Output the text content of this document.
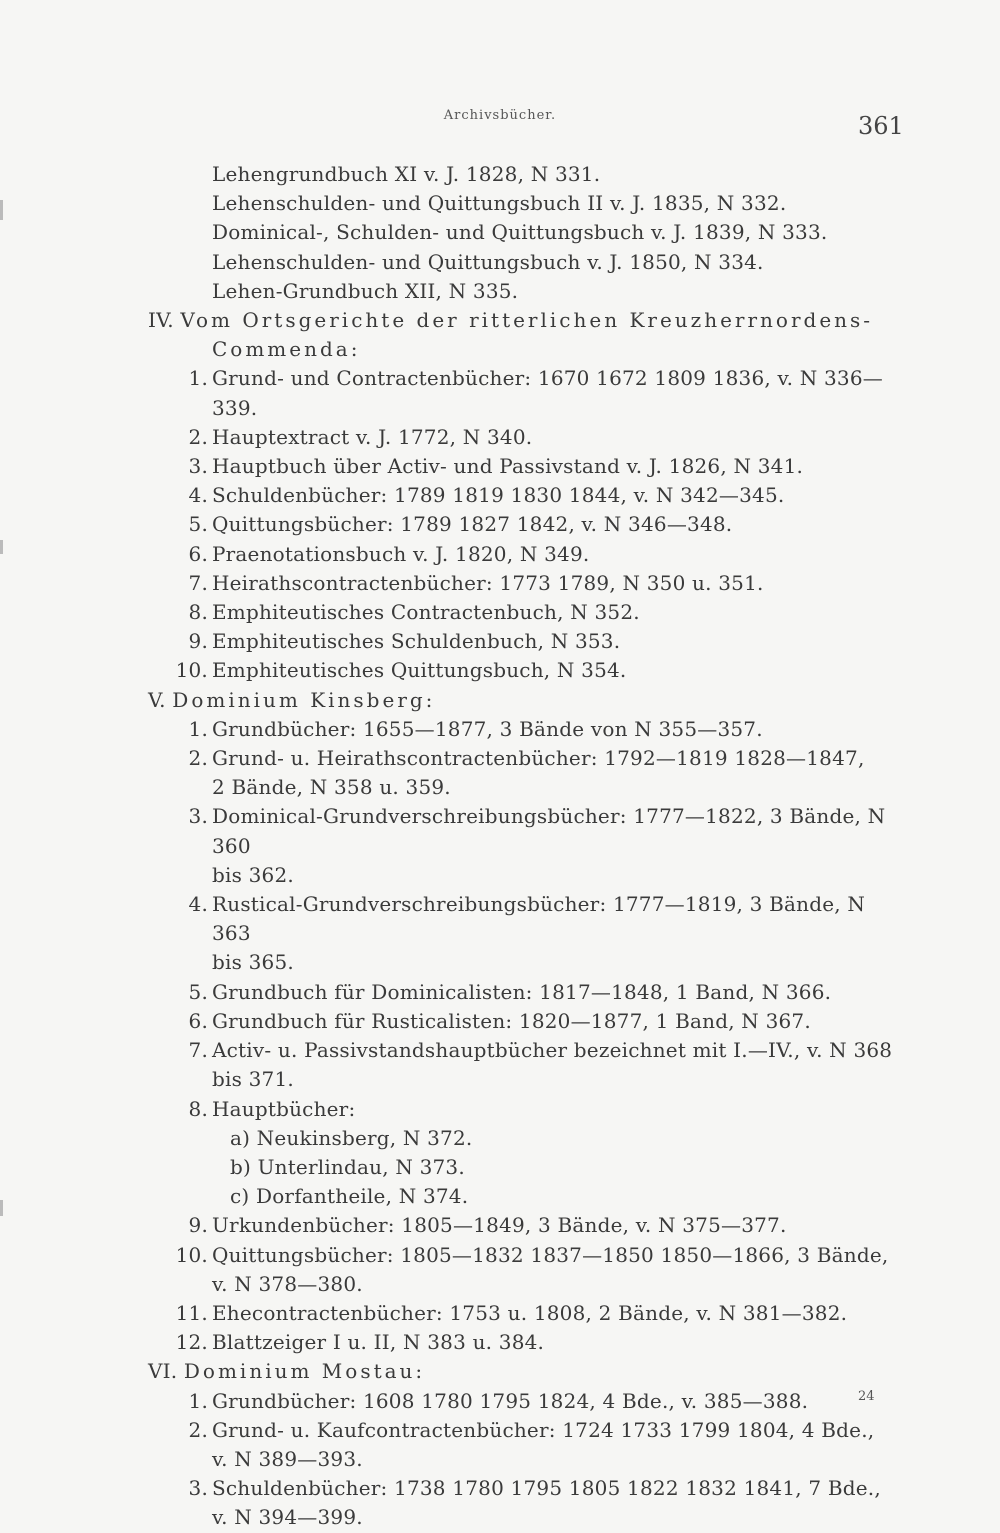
Archivsbücher.	361
Lehengrundbuch XI v. J. 1828, N 331.
Lehenschulden- und Quittungsbuch II v. J. 1835, N 332.
Dominical-, Schulden- und Quittungsbuch v. J. 1839, N 333.
Lehenschulden- und Quittungsbuch v. J. 1850, N 334.
Lehen-Grundbuch XII, N 335.
IV. Vom Ortsgerichte der ritterlichen Kreuzherrnordens-
Commenda:
1. Grund- und Contractenbücher: 1670 1672 1809 1836, v. N 336—339.
2. Hauptextract v. J. 1772, N 340.
3. Hauptbuch über Activ- und Passivstand v. J. 1826, N 341.
4. Schuldenbücher: 1789 1819 1830 1844, v. N 342—345.
5. Quittungsbücher: 1789 1827 1842, v. N 346—348.
6. Praenotationsbuch v. J. 1820, N 349.
7. Heirathscontractenbücher: 1773 1789, N 350 u. 351.
8. Emphiteutisches Contractenbuch, N 352.
9. Emphiteutisches Schuldenbuch, N 353.
10. Emphiteutisches Quittungsbuch, N 354.
V. Dominium Kinsberg:
1. Grundbücher: 1655—1877, 3 Bände von N 355—357.
2. Grund- u. Heirathscontractenbücher: 1792—1819 1828—1847,
2 Bände, N 358 u. 359.
3. Dominical-Grundverschreibungsbücher: 1777—1822, 3 Bände, N 360
bis 362.
4. Rustical-Grundverschreibungsbücher: 1777—1819, 3 Bände, N 363
bis 365.
5. Grundbuch für Dominicalisten: 1817—1848, 1 Band, N 366.
6. Grundbuch für Rusticalisten: 1820—1877, 1 Band, N 367.
7. Activ- u. Passivstandshauptbücher bezeichnet mit I.—IV., v. N 368
bis 371.
8. Hauptbücher:
a) Neukinsberg, N 372.
b) Unterlindau, N 373.
c) Dorfantheile, N 374.
9. Urkundenbücher: 1805—1849, 3 Bände, v. N 375—377.
10. Quittungsbücher: 1805—1832 1837—1850 1850—1866, 3 Bände,
v. N 378—380.
11. Ehecontractenbücher: 1753 u. 1808, 2 Bände, v. N 381—382.
12. Blattzeiger I u. II, N 383 u. 384.
VI. Dominium Mostau:
1. Grundbücher: 1608 1780 1795 1824, 4 Bde., v. 385—388.
2. Grund- u. Kaufcontractenbücher: 1724 1733 1799 1804, 4 Bde.,
v. N 389—393.
3. Schuldenbücher: 1738 1780 1795 1805 1822 1832 1841, 7 Bde.,
v. N 394—399.
24
